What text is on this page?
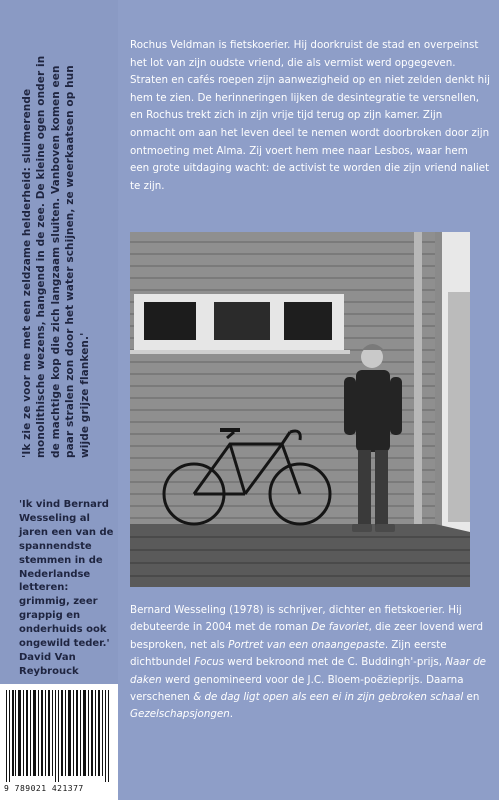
'Ik zie ze voor me met een zeldzame helderheid: sluimerende monolithische wezens, hangend in de zee. De kleine ogen onder in de machtige kop die zich langzaam sluiten. Vanboven komen een paar stralen zon door het water schijnen, ze weerkaatsen op hun wijde grijze flanken.'
'Ik vind Bernard Wesseling al jaren een van de spannendste stemmen in de Nederlandse letteren: grimmig, zeer grappig en onderhuids ook ongewild teder.'
David Van Reybrouck
9 789021 421377
Rochus Veldman is fietskoerier. Hij doorkruist de stad en overpeinst het lot van zijn oudste vriend, die als vermist werd opgegeven. Straten en cafés roepen zijn aanwezigheid op en niet zelden denkt hij hem te zien. De herinneringen lijken de desintegratie te versnellen, en Rochus trekt zich in zijn vrije tijd terug op zijn kamer. Zijn onmacht om aan het leven deel te nemen wordt doorbroken door zijn ontmoeting met Alma. Zij voert hem mee naar Lesbos, waar hem een grote uitdaging wacht: de activist te worden die zijn vriend naliet te zijn.
Bernard Wesseling (1978) is schrijver, dichter en fietskoerier. Hij debuteerde in 2004 met de roman De favoriet, die zeer lovend werd besproken, net als Portret van een onaangepaste. Zijn eerste dichtbundel Focus werd bekroond met de C. Buddingh'-prijs, Naar de daken werd genomineerd voor de J.C. Bloem-poëzieprijs. Daarna verschenen & de dag ligt open als een ei in zijn gebroken schaal en Gezelschapsjongen.
